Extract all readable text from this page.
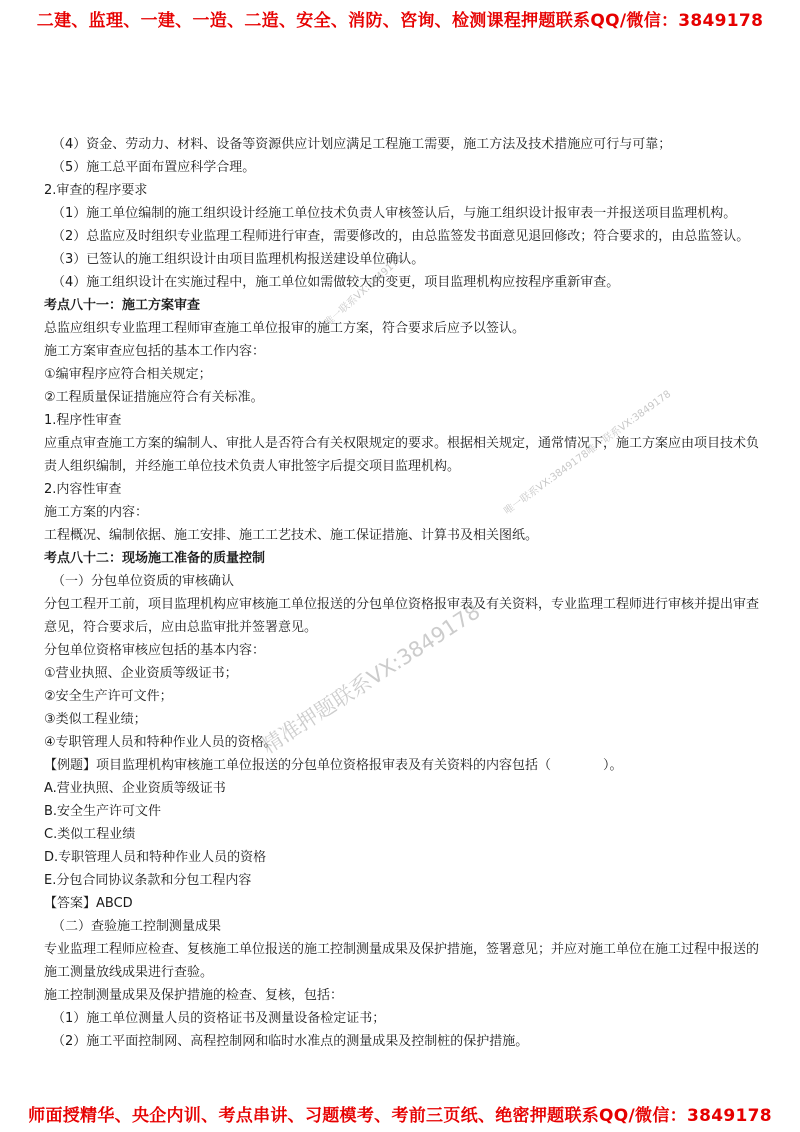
二建、监理、一建、一造、二造、安全、消防、咨询、检测课程押题联系QQ/微信：3849178
（4）资金、劳动力、材料、设备等资源供应计划应满足工程施工需要，施工方法及技术措施应可行与可靠；
（5）施工总平面布置应科学合理。
2.审查的程序要求
（1）施工单位编制的施工组织设计经施工单位技术负责人审核签认后，与施工组织设计报审表一并报送项目监理机构。
（2）总监应及时组织专业监理工程师进行审查，需要修改的，由总监签发书面意见退回修改；符合要求的，由总监签认。
（3）已签认的施工组织设计由项目监理机构报送建设单位确认。
（4）施工组织设计在实施过程中，施工单位如需做较大的变更，项目监理机构应按程序重新审查。
考点八十一：施工方案审查
总监应组织专业监理工程师审查施工单位报审的施工方案，符合要求后应予以签认。
施工方案审查应包括的基本工作内容：
①编审程序应符合相关规定；
②工程质量保证措施应符合有关标准。
1.程序性审查
应重点审查施工方案的编制人、审批人是否符合有关权限规定的要求。根据相关规定，通常情况下，施工方案应由项目技术负责人组织编制，并经施工单位技术负责人审批签字后提交项目监理机构。
2.内容性审查
施工方案的内容：
工程概况、编制依据、施工安排、施工工艺技术、施工保证措施、计算书及相关图纸。
考点八十二：现场施工准备的质量控制
（一）分包单位资质的审核确认
分包工程开工前，项目监理机构应审核施工单位报送的分包单位资格报审表及有关资料，专业监理工程师进行审核并提出审查意见，符合要求后，应由总监审批并签署意见。
分包单位资格审核应包括的基本内容：
①营业执照、企业资质等级证书；
②安全生产许可文件；
③类似工程业绩；
④专职管理人员和特种作业人员的资格。
【例题】项目监理机构审核施工单位报送的分包单位资格报审表及有关资料的内容包括（　　　　）。
A.营业执照、企业资质等级证书
B.安全生产许可文件
C.类似工程业绩
D.专职管理人员和特种作业人员的资格
E.分包合同协议条款和分包工程内容
【答案】ABCD
（二）查验施工控制测量成果
专业监理工程师应检查、复核施工单位报送的施工控制测量成果及保护措施，签署意见；并应对施工单位在施工过程中报送的施工测量放线成果进行查验。
施工控制测量成果及保护措施的检查、复核，包括：
（1）施工单位测量人员的资格证书及测量设备检定证书；
（2）施工平面控制网、高程控制网和临时水准点的测量成果及控制桩的保护措施。
唯一联系VX:3849178
唯一联系VX:3849178唯一联系VX:3849178
精准押题联系VX:3849178
师面授精华、央企内训、考点串讲、习题模考、考前三页纸、绝密押题联系QQ/微信：3849178
